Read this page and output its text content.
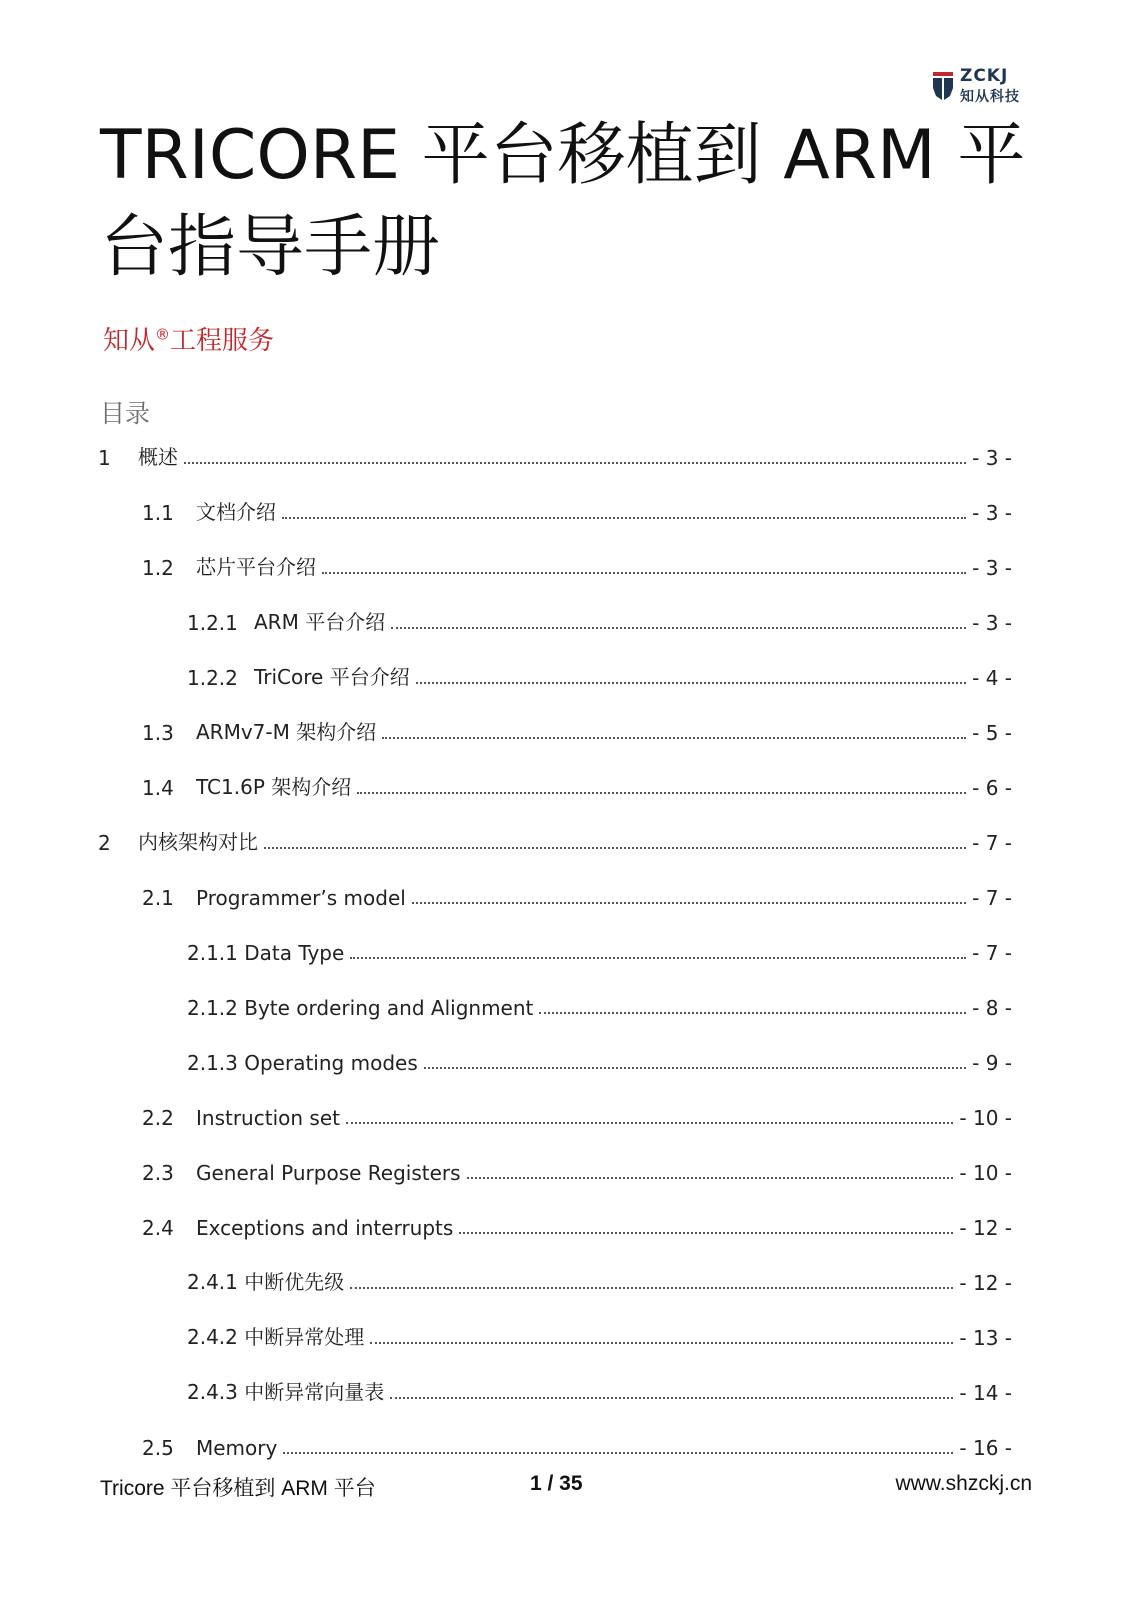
ZCKJ
知从科技
TRICORE 平台移植到 ARM 平台指导手册
知从®工程服务
目录
1	概述	- 3 -
1.1	文档介绍	- 3 -
1.2	芯片平台介绍	- 3 -
1.2.1 ARM 平台介绍	- 3 -
1.2.2 TriCore 平台介绍	- 4 -
1.3	ARMv7-M 架构介绍	- 5 -
1.4	TC1.6P 架构介绍	- 6 -
2	内核架构对比	- 7 -
2.1	Programmer’s model	- 7 -
2.1.1 Data Type	- 7 -
2.1.2 Byte ordering and Alignment	- 8 -
2.1.3 Operating modes	- 9 -
2.2	Instruction set	- 10 -
2.3	General Purpose Registers	- 10 -
2.4	Exceptions and interrupts	- 12 -
2.4.1 中断优先级	- 12 -
2.4.2 中断异常处理	- 13 -
2.4.3 中断异常向量表	- 14 -
2.5	Memory	- 16 -
Tricore 平台移植到 ARM 平台	1 / 35	www.shzckj.cn
